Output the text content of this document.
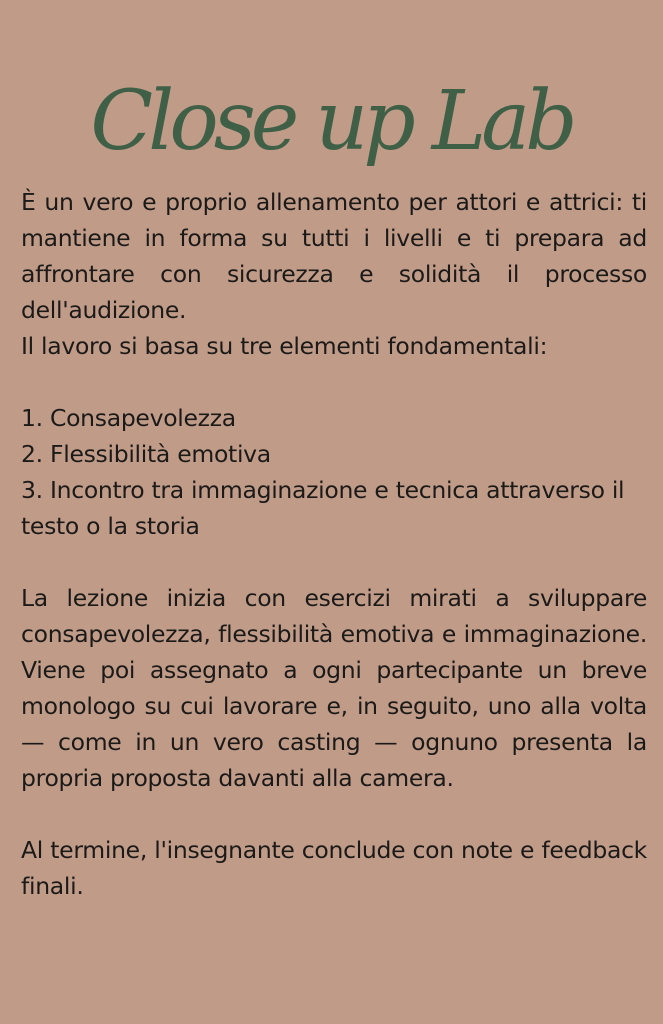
Close up Lab

È un vero e proprio allenamento per attori e attrici: ti mantiene in forma su tutti i livelli e ti prepara ad affrontare con sicurezza e solidità il processo dell'audizione.

Il lavoro si basa su tre elementi fondamentali:

1. Consapevolezza
2. Flessibilità emotiva
3. Incontro tra immaginazione e tecnica attraverso il testo o la storia

La lezione inizia con esercizi mirati a sviluppare consapevolezza, flessibilità emotiva e immaginazione. Viene poi assegnato a ogni partecipante un breve monologo su cui lavorare e, in seguito, uno alla volta — come in un vero casting — ognuno presenta la propria proposta davanti alla camera.

Al termine, l'insegnante conclude con note e feedback finali.
